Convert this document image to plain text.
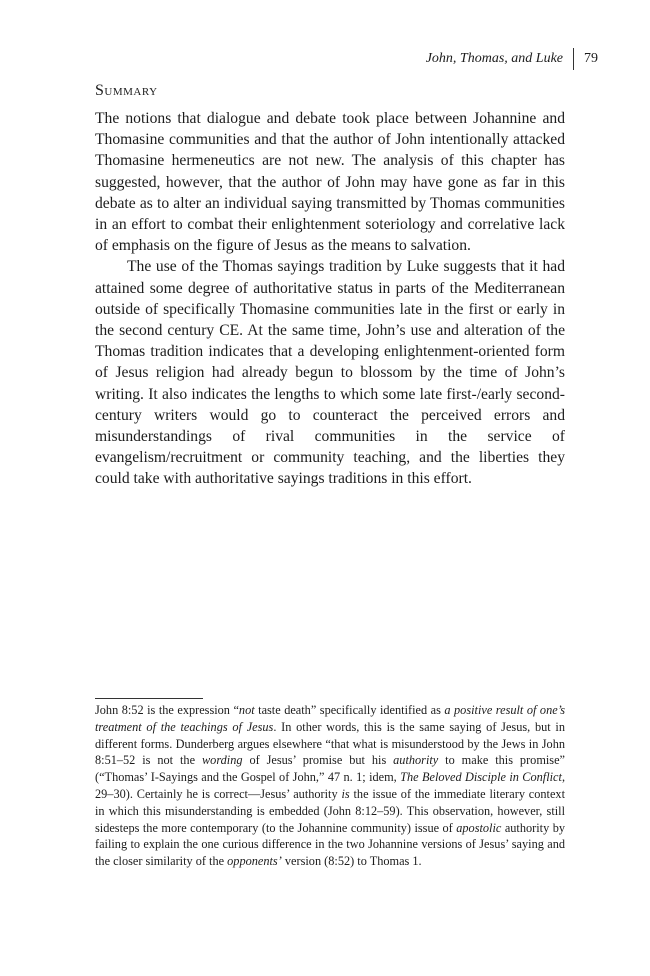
John, Thomas, and Luke 79
Summary

The notions that dialogue and debate took place between Johannine and Thomasine communities and that the author of John intentionally attacked Thomasine hermeneutics are not new. The analysis of this chapter has suggested, however, that the author of John may have gone as far in this debate as to alter an individual saying transmitted by Thomas communities in an effort to combat their enlightenment soteriology and correlative lack of emphasis on the figure of Jesus as the means to salvation.

The use of the Thomas sayings tradition by Luke suggests that it had attained some degree of authoritative status in parts of the Mediterranean outside of specifically Thomasine communities late in the first or early in the second century CE. At the same time, John’s use and alteration of the Thomas tradition indicates that a developing enlightenment-oriented form of Jesus religion had already begun to blossom by the time of John’s writing. It also indicates the lengths to which some late first-/early second-century writers would go to counteract the perceived errors and misunderstandings of rival communities in the service of evangelism/recruitment or community teaching, and the liberties they could take with authoritative sayings traditions in this effort.

John 8:52 is the expression “not taste death” specifically identified as a positive result of one’s treatment of the teachings of Jesus. In other words, this is the same saying of Jesus, but in different forms. Dunderberg argues elsewhere “that what is misunderstood by the Jews in John 8:51–52 is not the wording of Jesus’ promise but his authority to make this promise” (“Thomas’ I-Sayings and the Gospel of John,” 47 n. 1; idem, The Beloved Disciple in Conflict, 29–30). Certainly he is correct—Jesus’ authority is the issue of the immediate literary context in which this misunderstanding is embedded (John 8:12–59). This observation, however, still sidesteps the more contemporary (to the Johannine community) issue of apostolic authority by failing to explain the one curious difference in the two Johannine versions of Jesus’ saying and the closer similarity of the opponents’ version (8:52) to Thomas 1.
